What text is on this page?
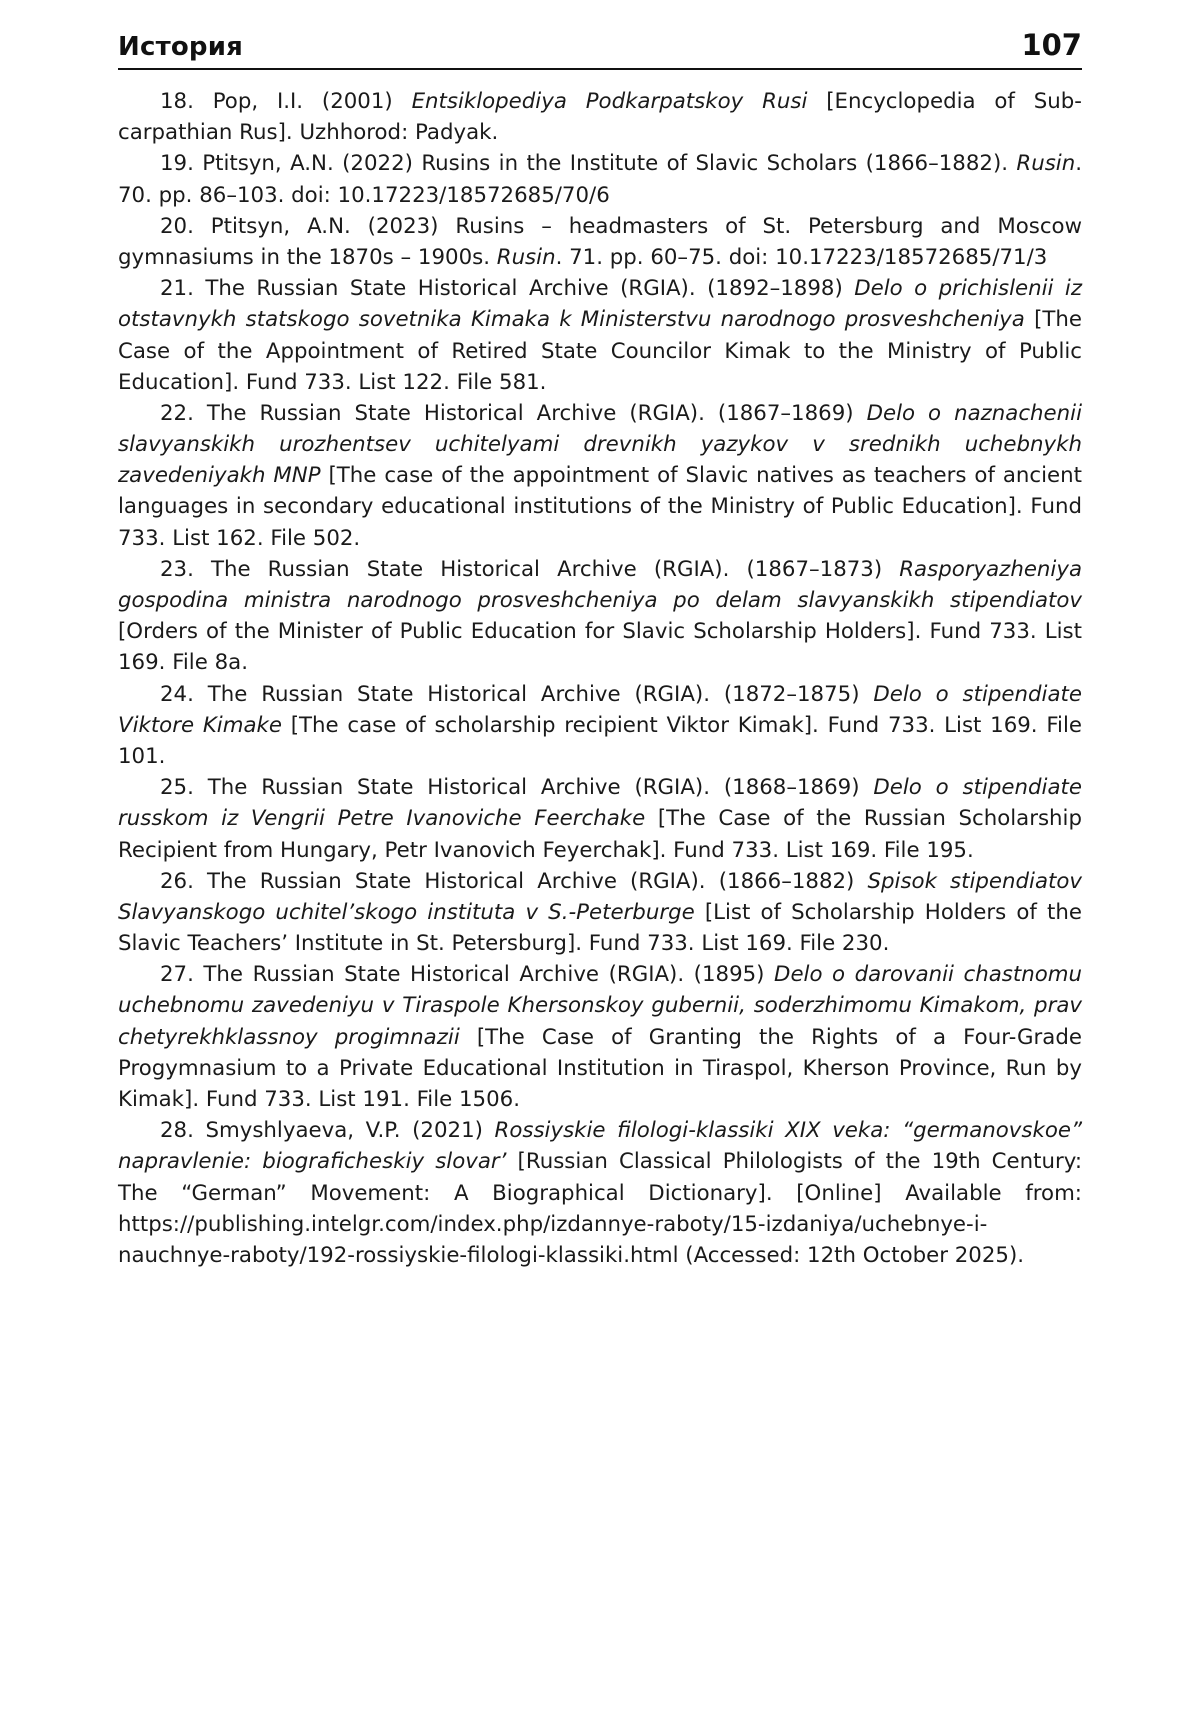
История	107

18. Pop, I.I. (2001) Entsiklopediya Podkarpatskoy Rusi [Encyclopedia of Sub-carpathian Rus]. Uzhhorod: Padyak.

19. Ptitsyn, A.N. (2022) Rusins in the Institute of Slavic Scholars (1866–1882). Rusin. 70. pp. 86–103. doi: 10.17223/18572685/70/6

20. Ptitsyn, A.N. (2023) Rusins – headmasters of St. Petersburg and Moscow gymnasiums in the 1870s – 1900s. Rusin. 71. pp. 60–75. doi: 10.17223/18572685/71/3

21. The Russian State Historical Archive (RGIA). (1892–1898) Delo o prichislenii iz otstavnykh statskogo sovetnika Kimaka k Ministerstvu narodnogo prosveshcheniya [The Case of the Appointment of Retired State Councilor Kimak to the Ministry of Public Education]. Fund 733. List 122. File 581.

22. The Russian State Historical Archive (RGIA). (1867–1869) Delo o naznachenii slavyanskikh urozhentsev uchitelyami drevnikh yazykov v srednikh uchebnykh zavedeniyakh MNP [The case of the appointment of Slavic natives as teachers of ancient languages in secondary educational institutions of the Ministry of Public Education]. Fund 733. List 162. File 502.

23. The Russian State Historical Archive (RGIA). (1867–1873) Rasporyazheniya gospodina ministra narodnogo prosveshcheniya po delam slavyanskikh stipendiatov [Orders of the Minister of Public Education for Slavic Scholarship Holders]. Fund 733. List 169. File 8a.

24. The Russian State Historical Archive (RGIA). (1872–1875) Delo o stipendiate Viktore Kimake [The case of scholarship recipient Viktor Kimak]. Fund 733. List 169. File 101.

25. The Russian State Historical Archive (RGIA). (1868–1869) Delo o stipendiate russkom iz Vengrii Petre Ivanoviche Feerchake [The Case of the Russian Scholarship Recipient from Hungary, Petr Ivanovich Feyerchak]. Fund 733. List 169. File 195.

26. The Russian State Historical Archive (RGIA). (1866–1882) Spisok stipendiatov Slavyanskogo uchitel’skogo instituta v S.-Peterburge [List of Scholarship Holders of the Slavic Teachers’ Institute in St. Petersburg]. Fund 733. List 169. File 230.

27. The Russian State Historical Archive (RGIA). (1895) Delo o darovanii chastnomu uchebnomu zavedeniyu v Tiraspole Khersonskoy gubernii, soderzhimomu Kimakom, prav chetyrekhklassnoy progimnazii [The Case of Granting the Rights of a Four-Grade Progymnasium to a Private Educational Institution in Tiraspol, Kherson Province, Run by Kimak]. Fund 733. List 191. File 1506.

28. Smyshlyaeva, V.P. (2021) Rossiyskie filologi-klassiki XIX veka: “germanovskoe” napravlenie: biograficheskiy slovar’ [Russian Classical Philologists of the 19th Century: The “German” Movement: A Biographical Dictionary]. [Online] Available from: https://publishing.intelgr.com/index.php/izdannye-raboty/15-izdaniya/uchebnye-i-nauchnye-raboty/192-rossiyskie-filologi-klassiki.html (Accessed: 12th October 2025).
